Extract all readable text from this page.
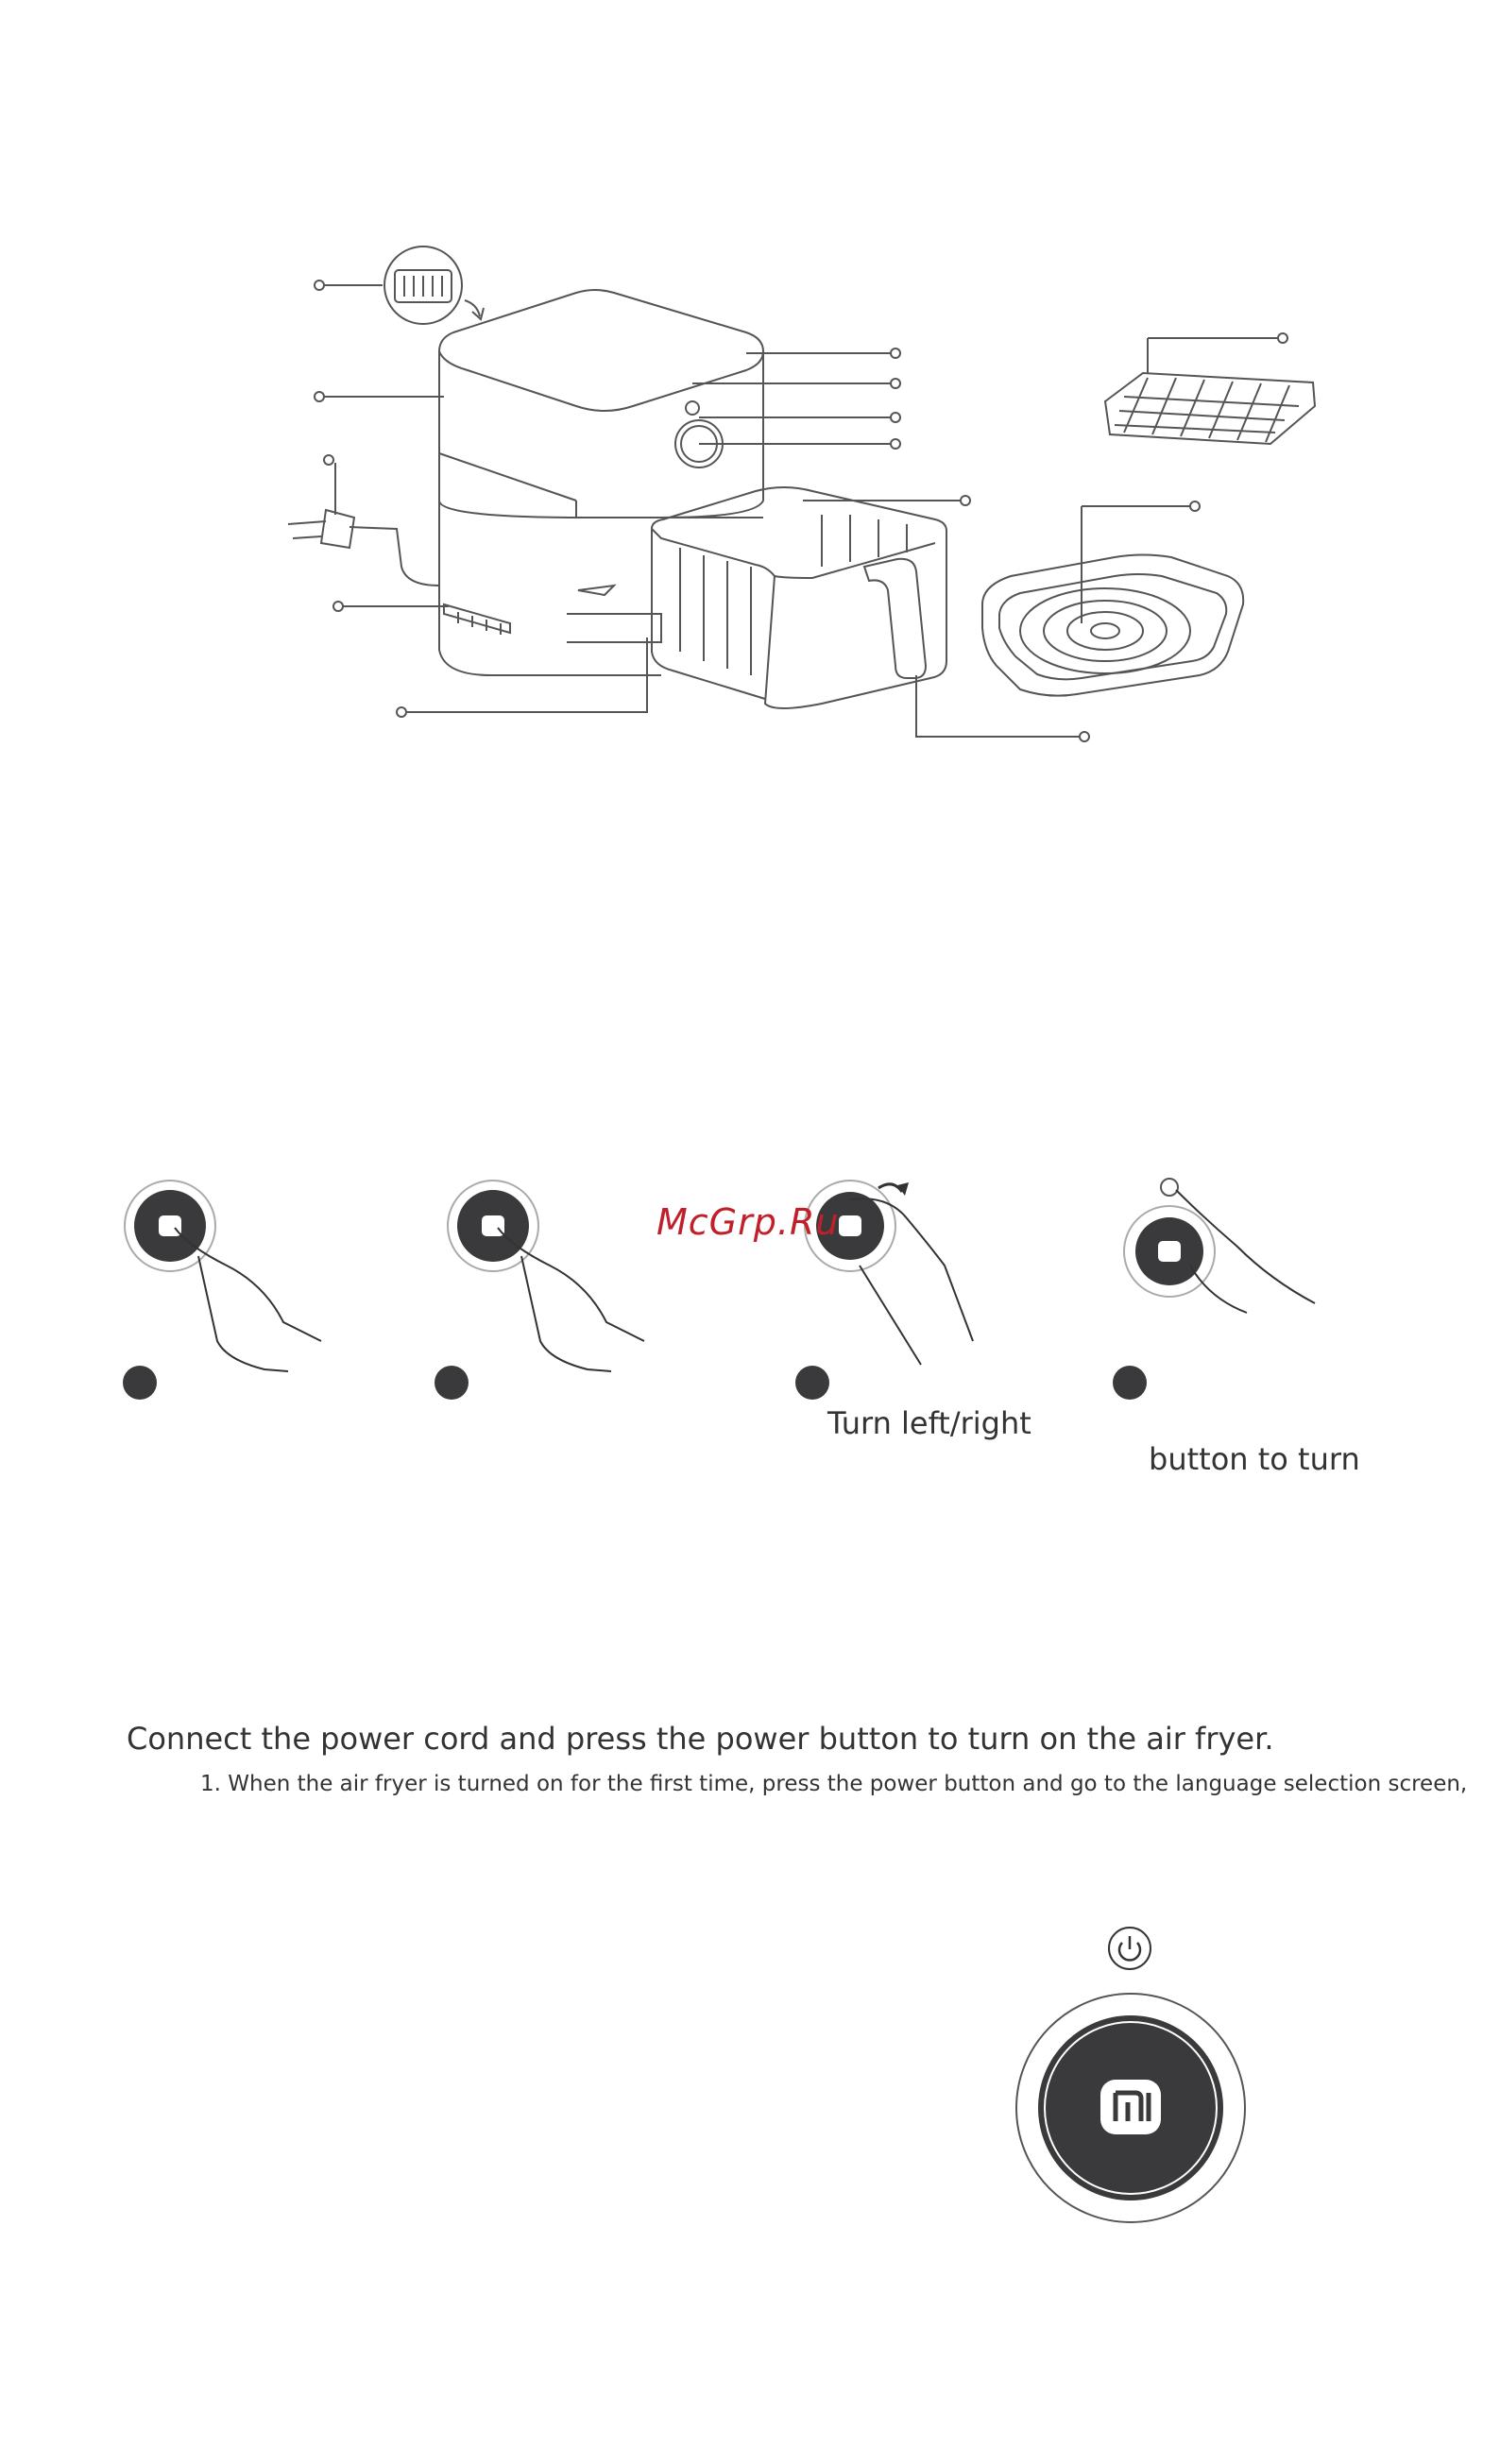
McGrp.Ru
Turn left/right
button to turn
Connect the power cord and press the power button to turn on the air fryer.
1. When the air fryer is turned on for the first time, press the power button and go to the language selection screen,
